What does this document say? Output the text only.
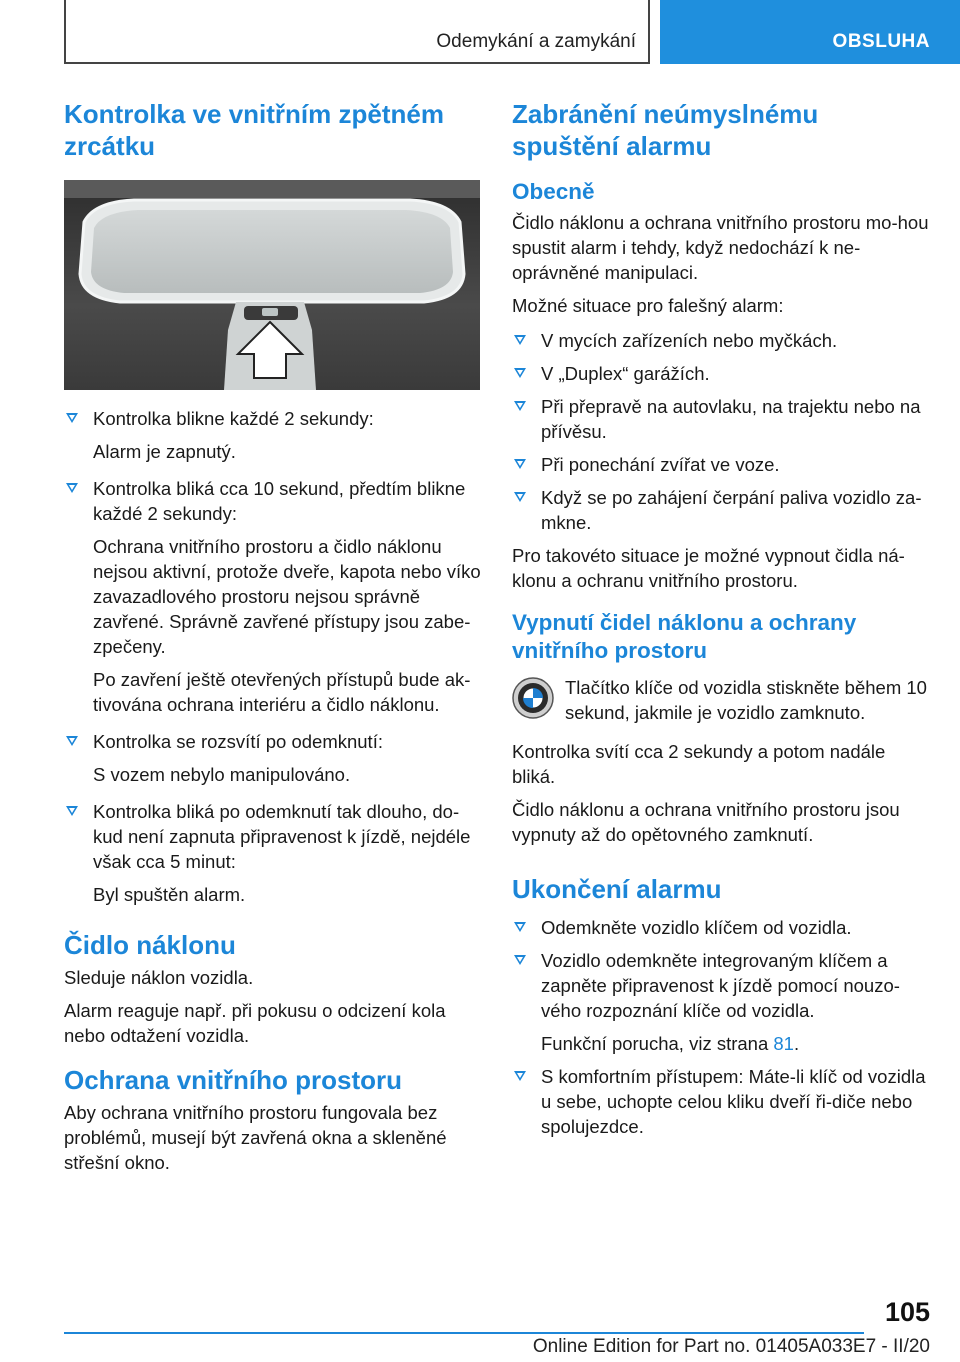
Odemykání a zamykání	OBSLUHA
Kontrolka ve vnitřním zpětném zrcátku

Kontrolka blikne každé 2 sekundy:

Alarm je zapnutý.

Kontrolka bliká cca 10 sekund, předtím blikne každé 2 sekundy:

Ochrana vnitřního prostoru a čidlo náklonu nejsou aktivní, protože dveře, kapota nebo víko zavazadlového prostoru nejsou správně zavřené. Správně zavřené přístupy jsou zabe-zpečeny.

Po zavření ještě otevřených přístupů bude ak-tivována ochrana interiéru a čidlo náklonu.

Kontrolka se rozsvítí po odemknutí:

S vozem nebylo manipulováno.

Kontrolka bliká po odemknutí tak dlouho, do-kud není zapnuta připravenost k jízdě, nejdéle však cca 5 minut:

Byl spuštěn alarm.

Čidlo náklonu

Sleduje náklon vozidla.

Alarm reaguje např. při pokusu o odcizení kola nebo odtažení vozidla.

Ochrana vnitřního prostoru

Aby ochrana vnitřního prostoru fungovala bez problémů, musejí být zavřená okna a skleněné střešní okno.

Zabránění neúmyslnému spuštění alarmu
Obecně

Čidlo náklonu a ochrana vnitřního prostoru mo-hou spustit alarm i tehdy, když nedochází k ne-oprávněné manipulaci.

Možné situace pro falešný alarm:

V mycích zařízeních nebo myčkách.

V „Duplex“ garážích.

Při přepravě na autovlaku, na trajektu nebo na přívěsu.

Při ponechání zvířat ve voze.

Když se po zahájení čerpání paliva vozidlo za-mkne.

Pro takovéto situace je možné vypnout čidla ná-klonu a ochranu vnitřního prostoru.

Vypnutí čidel náklonu a ochrany vnitřního prostoru

Tlačítko klíče od vozidla stiskněte během 10 sekund, jakmile je vozidlo zamknuto.

Kontrolka svítí cca 2 sekundy a potom nadále bliká.

Čidlo náklonu a ochrana vnitřního prostoru jsou vypnuty až do opětovného zamknutí.

Ukončení alarmu

Odemkněte vozidlo klíčem od vozidla.

Vozidlo odemkněte integrovaným klíčem a zapněte připravenost k jízdě pomocí nouzo-vého rozpoznání klíče od vozidla.

Funkční porucha, viz strana 81.

S komfortním přístupem: Máte-li klíč od vozidla u sebe, uchopte celou kliku dveří ři-diče nebo spolujezdce.

105
Online Edition for Part no. 01405A033E7 - II/20
